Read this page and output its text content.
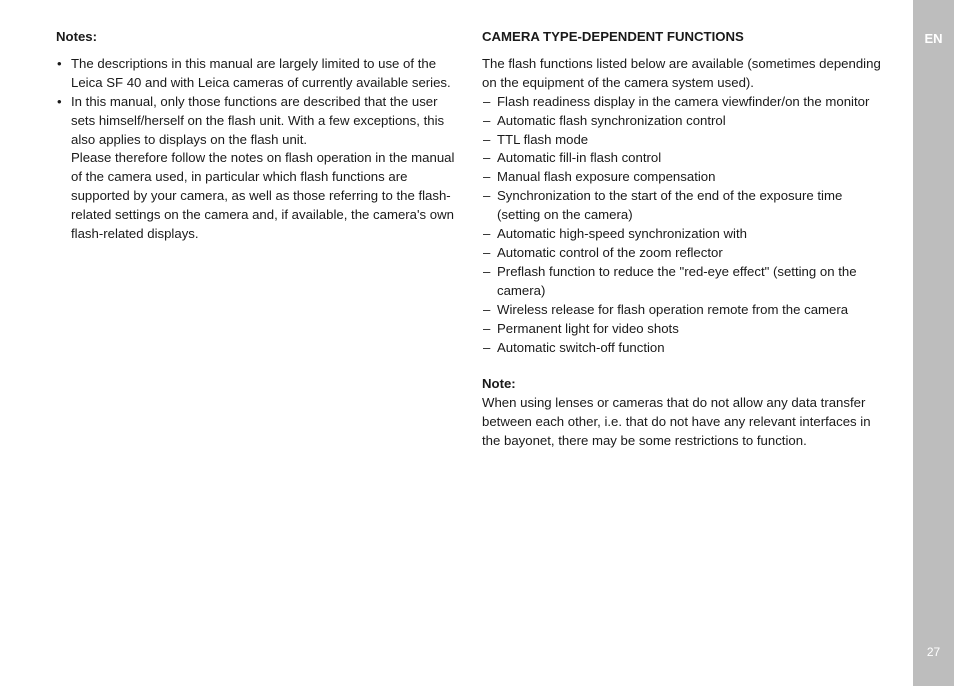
Notes:

• The descriptions in this manual are largely limited to use of the Leica SF 40 and with Leica cameras of currently available series.

• In this manual, only those functions are described that the user sets himself/herself on the flash unit. With a few exceptions, this also applies to displays on the flash unit.

Please therefore follow the notes on flash operation in the manual of the camera used, in particular which flash functions are supported by your camera, as well as those referring to the flash-related settings on the camera and, if available, the camera's own flash-related displays.

CAMERA TYPE-DEPENDENT FUNCTIONS

The flash functions listed below are available (sometimes depending on the equipment of the camera system used).

– Flash readiness display in the camera viewfinder/on the monitor
– Automatic flash synchronization control
– TTL flash mode
– Automatic fill-in flash control
– Manual flash exposure compensation
– Synchronization to the start of the end of the exposure time (setting on the camera)
– Automatic high-speed synchronization with
– Automatic control of the zoom reflector
– Preflash function to reduce the "red-eye effect" (setting on the camera)
– Wireless release for flash operation remote from the camera
– Permanent light for video shots
– Automatic switch-off function
Note:

When using lenses or cameras that do not allow any data transfer between each other, i.e. that do not have any relevant interfaces in the bayonet, there may be some restrictions to function.

EN
27
